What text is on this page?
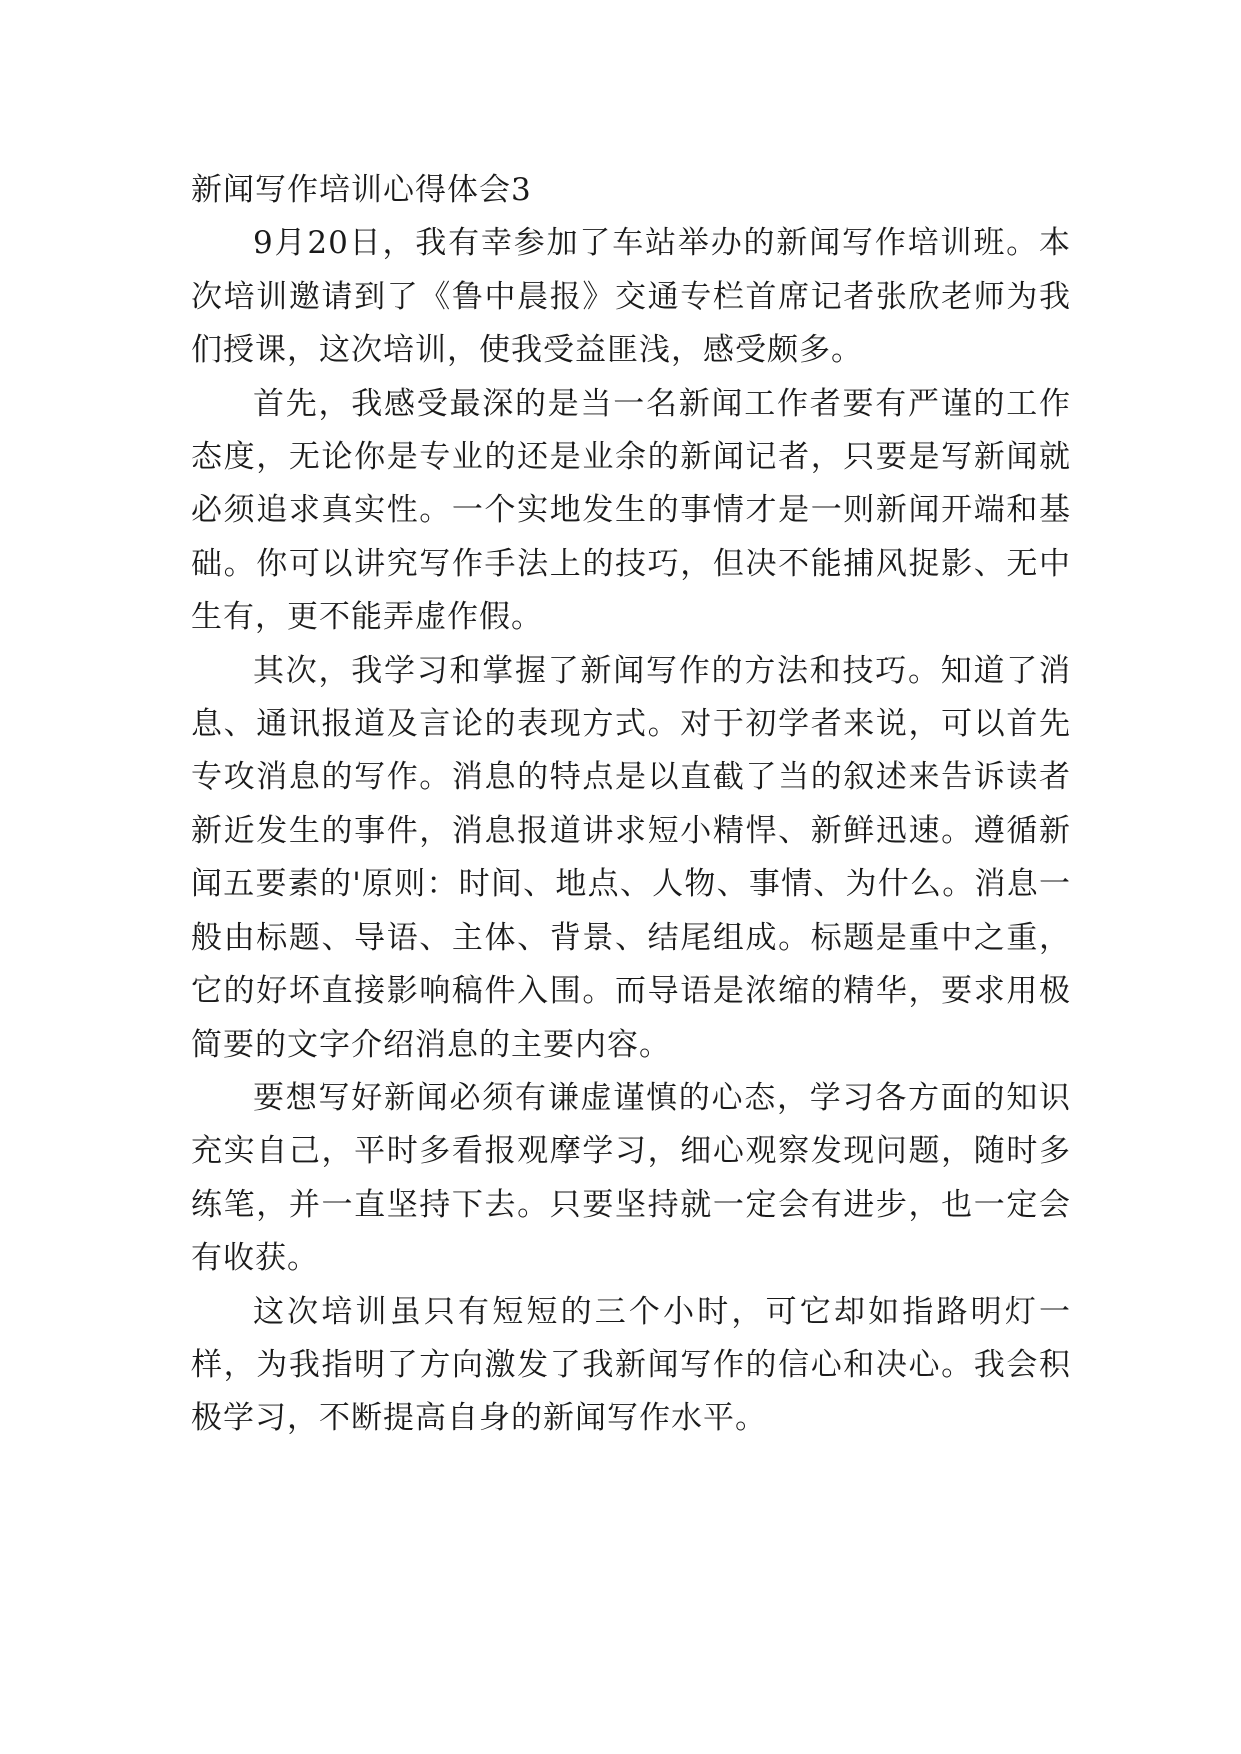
新闻写作培训心得体会3

9月20日，我有幸参加了车站举办的新闻写作培训班。本次培训邀请到了《鲁中晨报》交通专栏首席记者张欣老师为我们授课，这次培训，使我受益匪浅，感受颇多。

首先，我感受最深的是当一名新闻工作者要有严谨的工作态度，无论你是专业的还是业余的新闻记者，只要是写新闻就必须追求真实性。一个实地发生的事情才是一则新闻开端和基础。你可以讲究写作手法上的技巧，但决不能捕风捉影、无中生有，更不能弄虚作假。

其次，我学习和掌握了新闻写作的方法和技巧。知道了消息、通讯报道及言论的表现方式。对于初学者来说，可以首先专攻消息的写作。消息的特点是以直截了当的叙述来告诉读者新近发生的事件，消息报道讲求短小精悍、新鲜迅速。遵循新闻五要素的'原则：时间、地点、人物、事情、为什么。消息一般由标题、导语、主体、背景、结尾组成。标题是重中之重，它的好坏直接影响稿件入围。而导语是浓缩的精华，要求用极简要的文字介绍消息的主要内容。

要想写好新闻必须有谦虚谨慎的心态，学习各方面的知识充实自己，平时多看报观摩学习，细心观察发现问题，随时多练笔，并一直坚持下去。只要坚持就一定会有进步，也一定会有收获。

这次培训虽只有短短的三个小时，可它却如指路明灯一样，为我指明了方向激发了我新闻写作的信心和决心。我会积极学习，不断提高自身的新闻写作水平。
